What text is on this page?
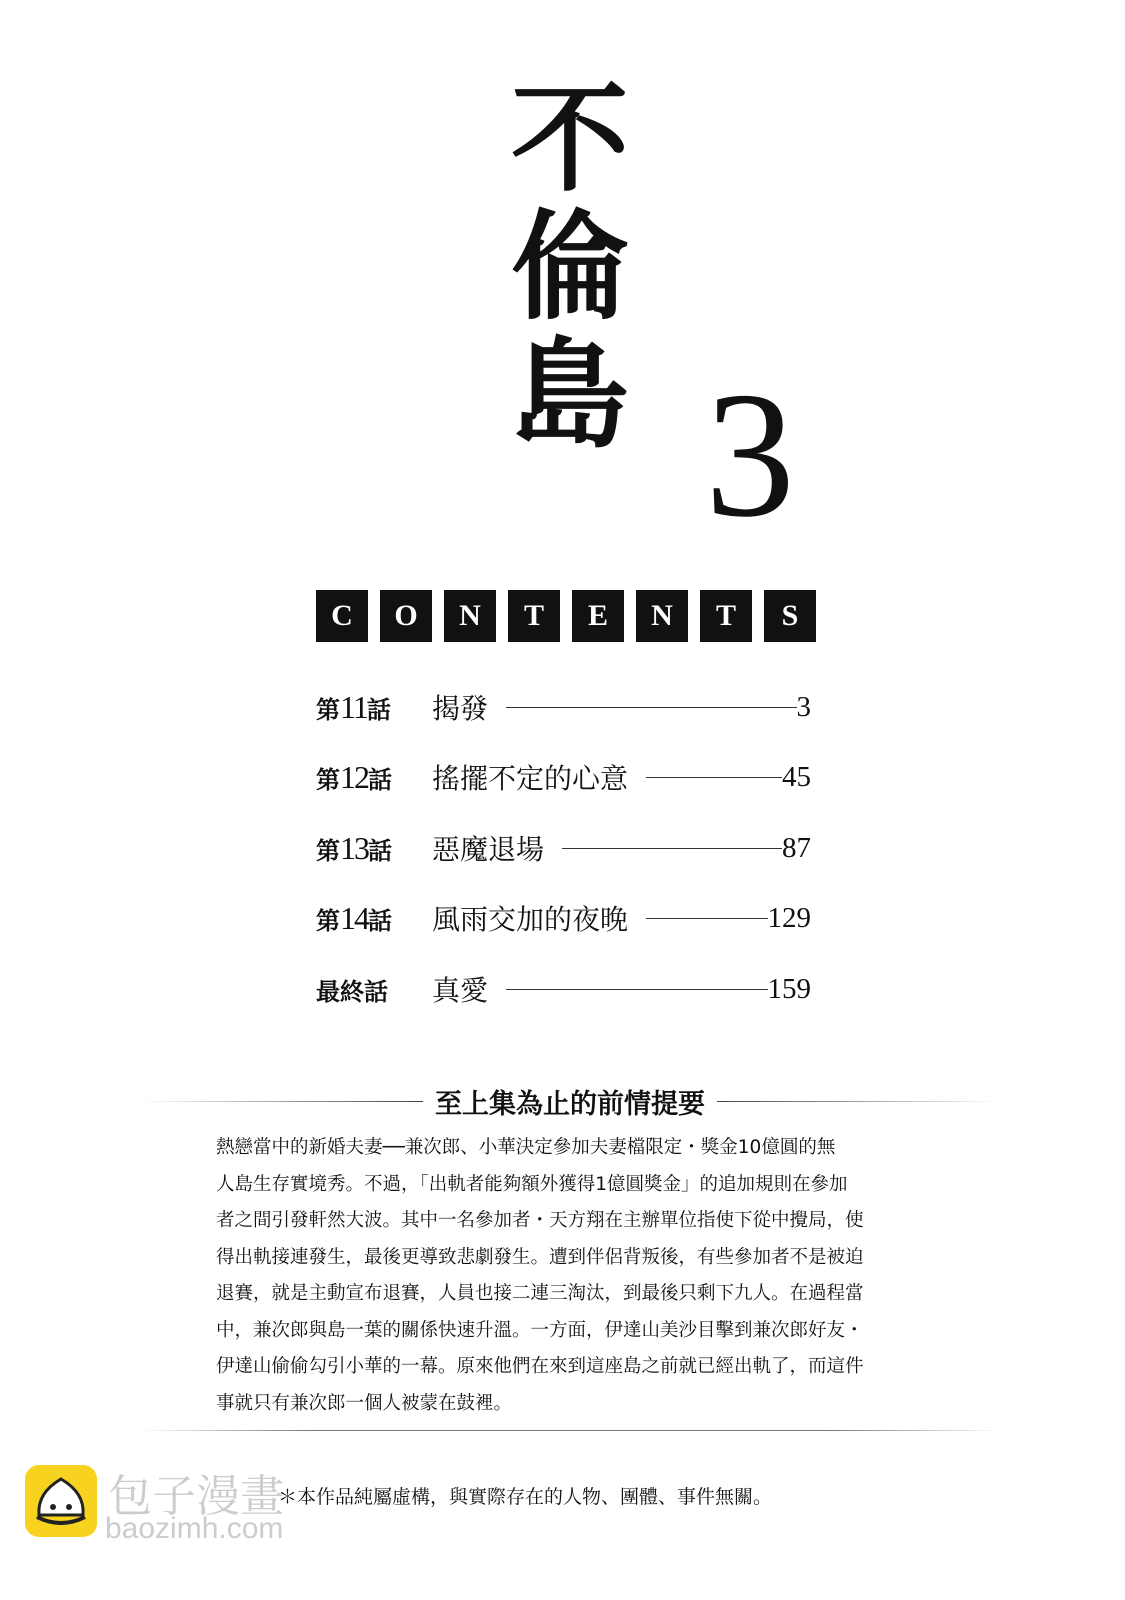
不
倫
島 3
C	O	N	T	E	N	T	S
第11話	揭發	3
第12話	搖擺不定的心意	45
第13話	惡魔退場	87
第14話	風雨交加的夜晚	129
最終話	真愛	159
至上集為止的前情提要
熱戀當中的新婚夫妻──兼次郎、小華決定參加夫妻檔限定・獎金10億圓的無
人島生存實境秀。不過，「出軌者能夠額外獲得1億圓獎金」的追加規則在參加
者之間引發軒然大波。其中一名參加者・天方翔在主辦單位指使下從中攪局，使
得出軌接連發生，最後更導致悲劇發生。遭到伴侶背叛後，有些參加者不是被迫
退賽，就是主動宣布退賽，人員也接二連三淘汰，到最後只剩下九人。在過程當
中，兼次郎與島一葉的關係快速升溫。一方面，伊達山美沙目擊到兼次郎好友・
伊達山偷偷勾引小華的一幕。原來他們在來到這座島之前就已經出軌了，而這件
事就只有兼次郎一個人被蒙在鼓裡。
＊本作品純屬虛構，與實際存在的人物、團體、事件無關。
包子漫畫
baozimh.com
